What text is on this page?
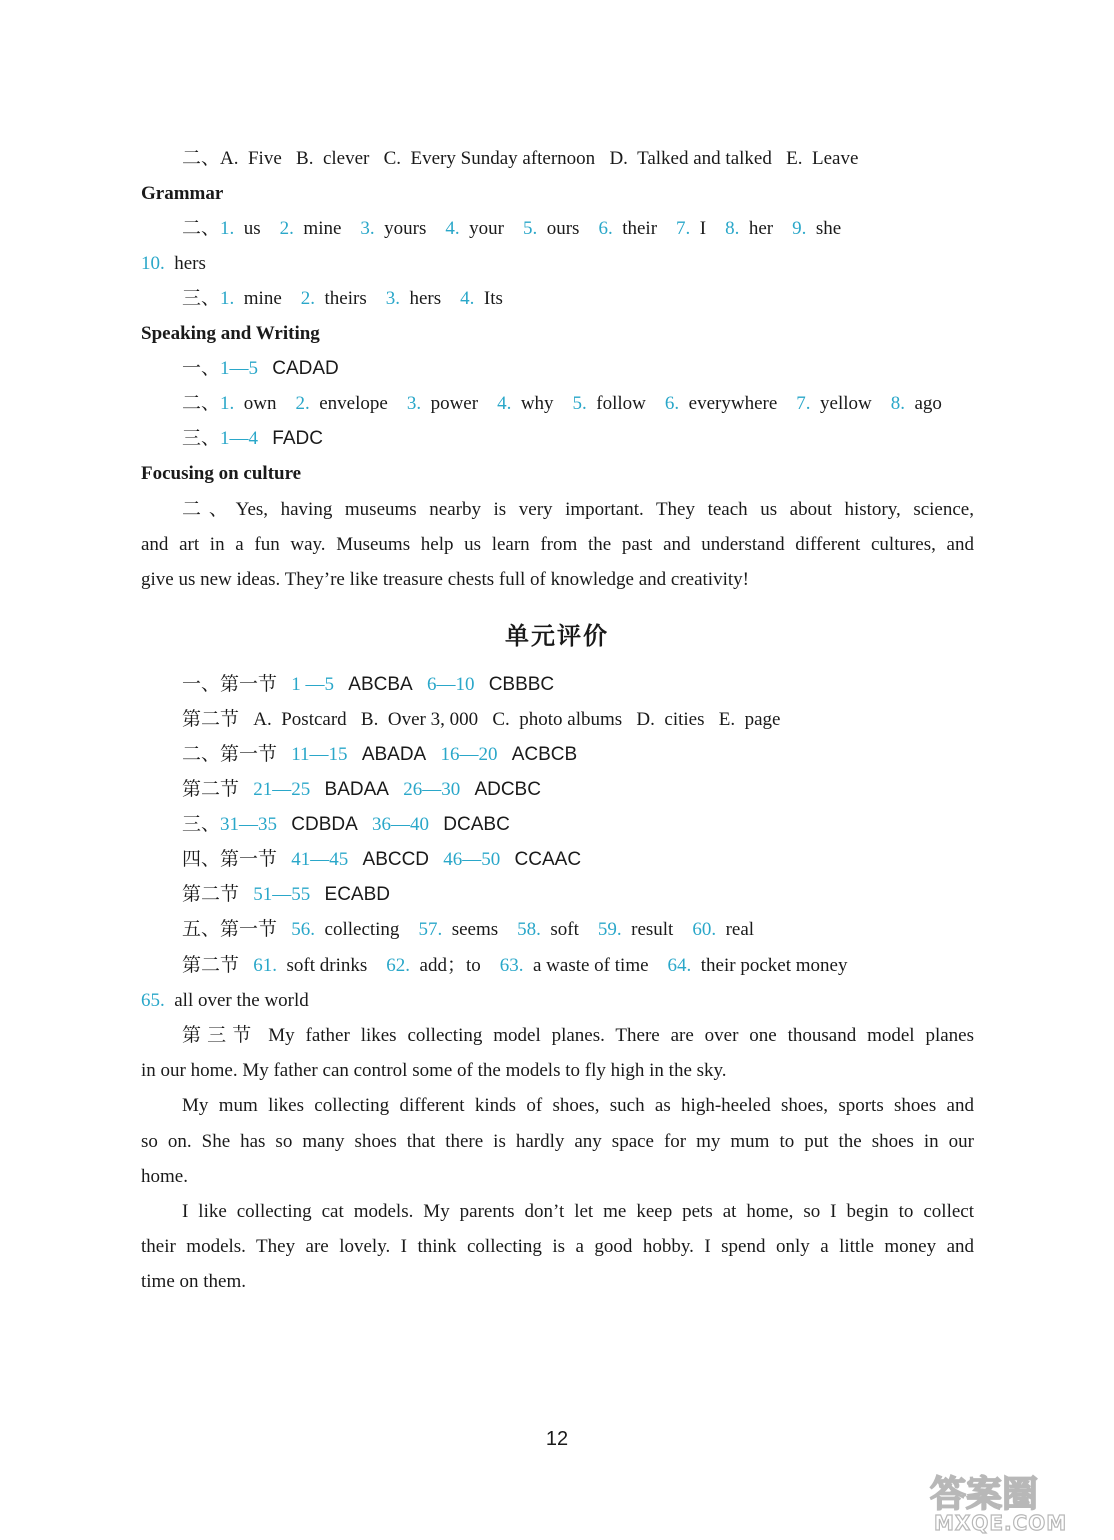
二、A.  Five B.  clever C.  Every Sunday afternoon D.  Talked and talked E.  Leave
Grammar
二、1. us 2. mine 3. yours 4. your 5. ours 6. their 7. I 8. her 9. she
10. hers
三、1. mine 2. theirs 3. hers 4. Its
Speaking and Writing
一、1—5 CADAD
二、1. own 2. envelope 3. power 4. why 5. follow 6. everywhere 7. yellow 8. ago
三、1—4 FADC
Focusing on culture
二、Yes, having museums nearby is very important. They teach us about history, science,
and art in a fun way. Museums help us learn from the past and understand different cultures, and
give us new ideas. They’re like treasure chests full of knowledge and creativity!
单元评价
一、第一节 1 —5 ABCBA 6—10 CBBBC
第二节 A.  Postcard B.  Over 3, 000 C.  photo albums D.  cities E.  page
二、第一节 11—15 ABADA 16—20 ACBCB
第二节 21—25 BADAA 26—30 ADCBC
三、31—35 CDBDA 36—40 DCABC
四、第一节 41—45 ABCCD 46—50 CCAAC
第二节 51—55 ECABD
五、第一节 56. collecting 57. seems 58. soft 59. result 60. real
第二节 61. soft drinks 62. add；to 63. a waste of time 64. their pocket money
65. all over the world
第三节 My father likes collecting model planes. There are over one thousand model planes
in our home. My father can control some of the models to fly high in the sky.
My mum likes collecting different kinds of shoes, such as high-heeled shoes, sports shoes and
so on. She has so many shoes that there is hardly any space for my mum to put the shoes in our
home.
I like collecting cat models. My parents don’t let me keep pets at home, so I begin to collect
their models. They are lovely. I think collecting is a good hobby. I spend only a little money and
time on them.
12
答案圈
MXQE.COM
